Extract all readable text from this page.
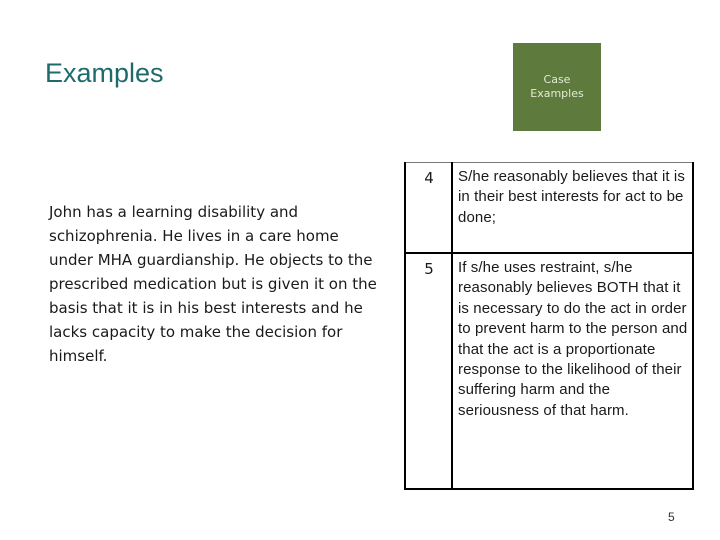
Examples	Case
Examples

John has a learning disability and schizophrenia. He lives in a care home under MHA guardianship. He objects to the prescribed medication but is given it on the basis that it is in his best interests and he lacks capacity to make the decision for himself.

4	S/he reasonably believes that it is in their best interests for act to be done;
5	If s/he uses restraint, s/he reasonably believes BOTH that it is necessary to do the act in order to prevent harm to the person and that the act is a proportionate response to the likelihood of their suffering harm and the seriousness of that harm.
5
